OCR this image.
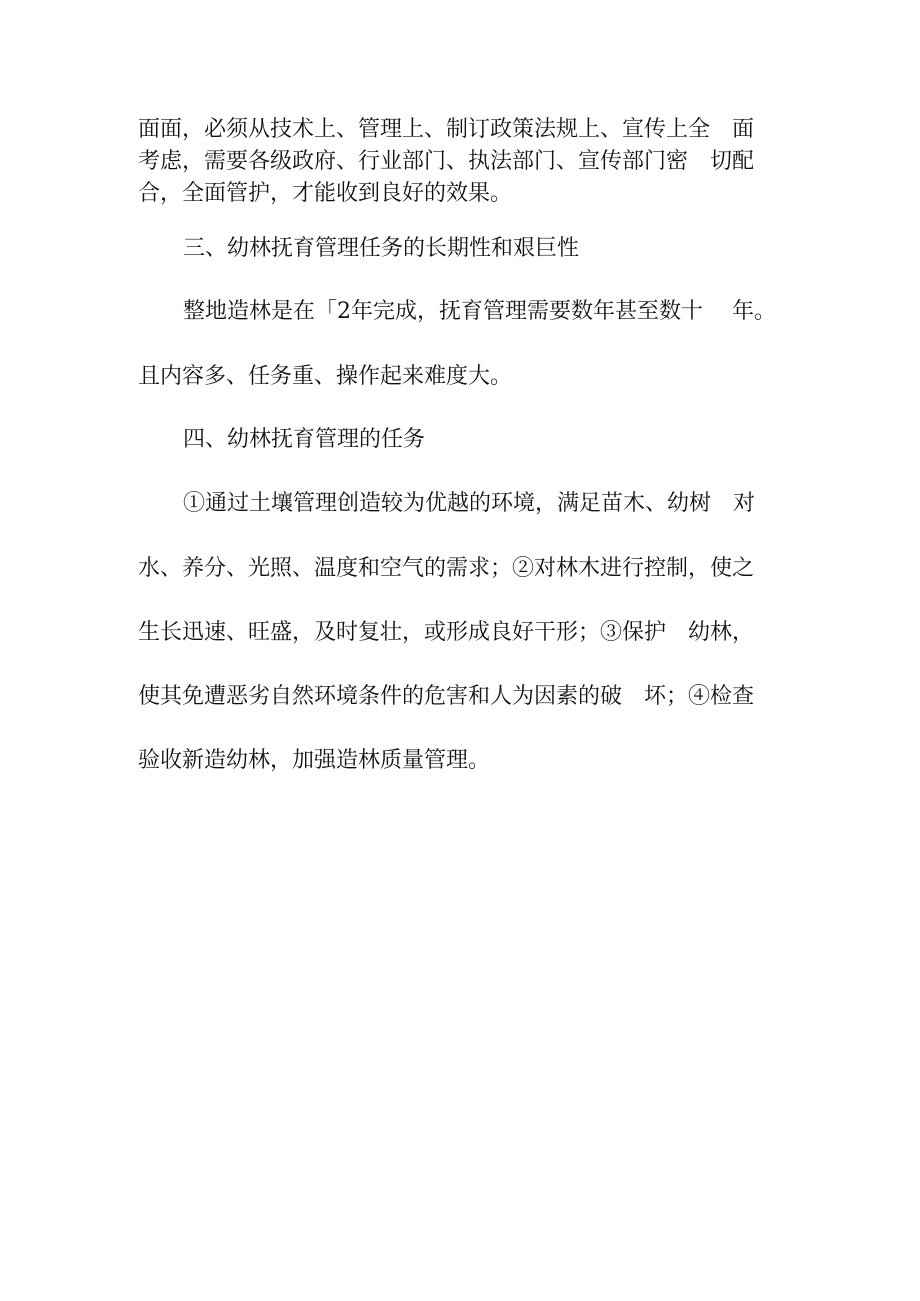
面面，必须从技术上、管理上、制订政策法规上、宣传上全　面
考虑，需要各级政府、行业部门、执法部门、宣传部门密　切配
合，全面管护，才能收到良好的效果。
三、幼林抚育管理任务的长期性和艰巨性
整地造林是在「2年完成，抚育管理需要数年甚至数十　 年。
且内容多、任务重、操作起来难度大。
四、幼林抚育管理的任务
①通过土壤管理创造较为优越的环境，满足苗木、幼树　对
水、养分、光照、温度和空气的需求；②对林木进行控制，使之
生长迅速、旺盛，及时复壮，或形成良好干形；③保护　幼林，
使其免遭恶劣自然环境条件的危害和人为因素的破　坏；④检查
验收新造幼林，加强造林质量管理。
